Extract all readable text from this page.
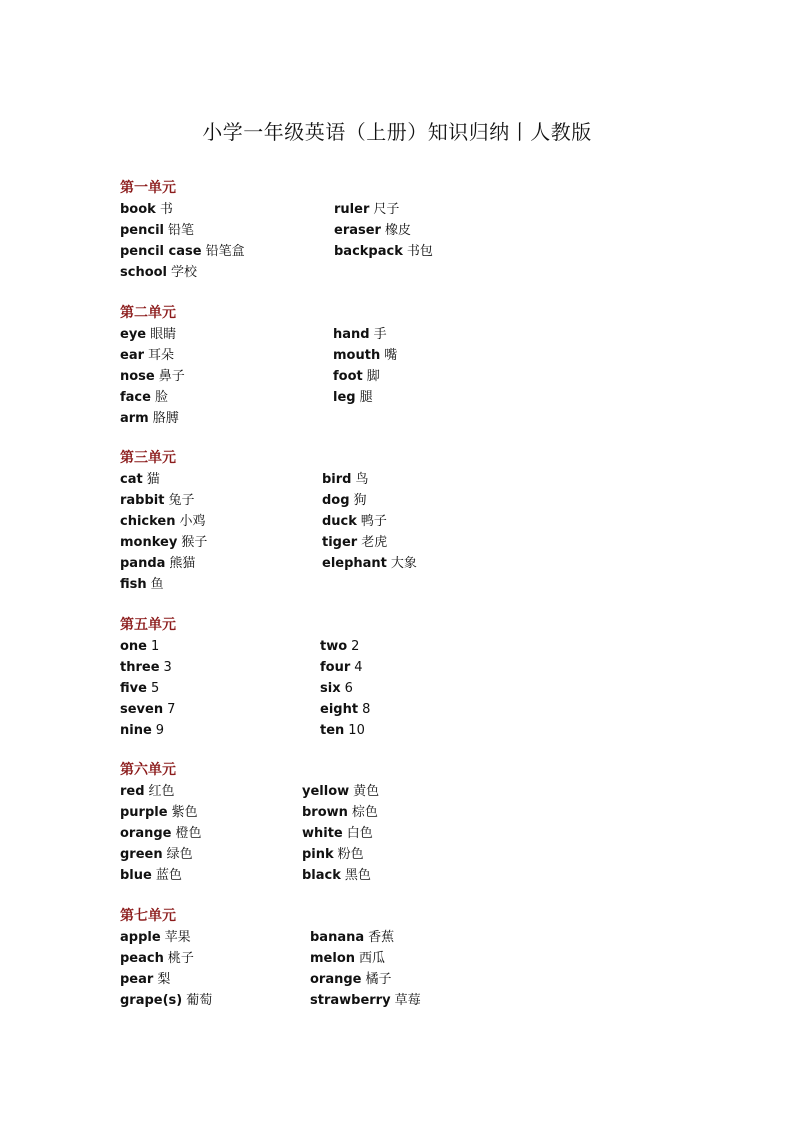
小学一年级英语（上册）知识归纳丨人教版
第一单元
book 书	ruler 尺子
pencil 铅笔	eraser 橡皮
pencil case 铅笔盒	backpack 书包
school 学校
第二单元
eye 眼睛	hand 手
ear 耳朵	mouth 嘴
nose 鼻子	foot 脚
face 脸	leg 腿
arm 胳膊
第三单元
cat 猫	bird 鸟
rabbit 兔子	dog 狗
chicken 小鸡	duck 鸭子
monkey 猴子	tiger 老虎
panda 熊猫	elephant 大象
fish 鱼
第五单元
one 1	two 2
three 3	four 4
five 5	six 6
seven 7	eight 8
nine 9	ten 10
第六单元
red 红色	yellow 黄色
purple 紫色	brown 棕色
orange 橙色	white 白色
green 绿色	pink 粉色
blue 蓝色	black 黑色
第七单元
apple 苹果	banana 香蕉
peach 桃子	melon 西瓜
pear 梨	orange 橘子
grape(s) 葡萄	strawberry 草莓
